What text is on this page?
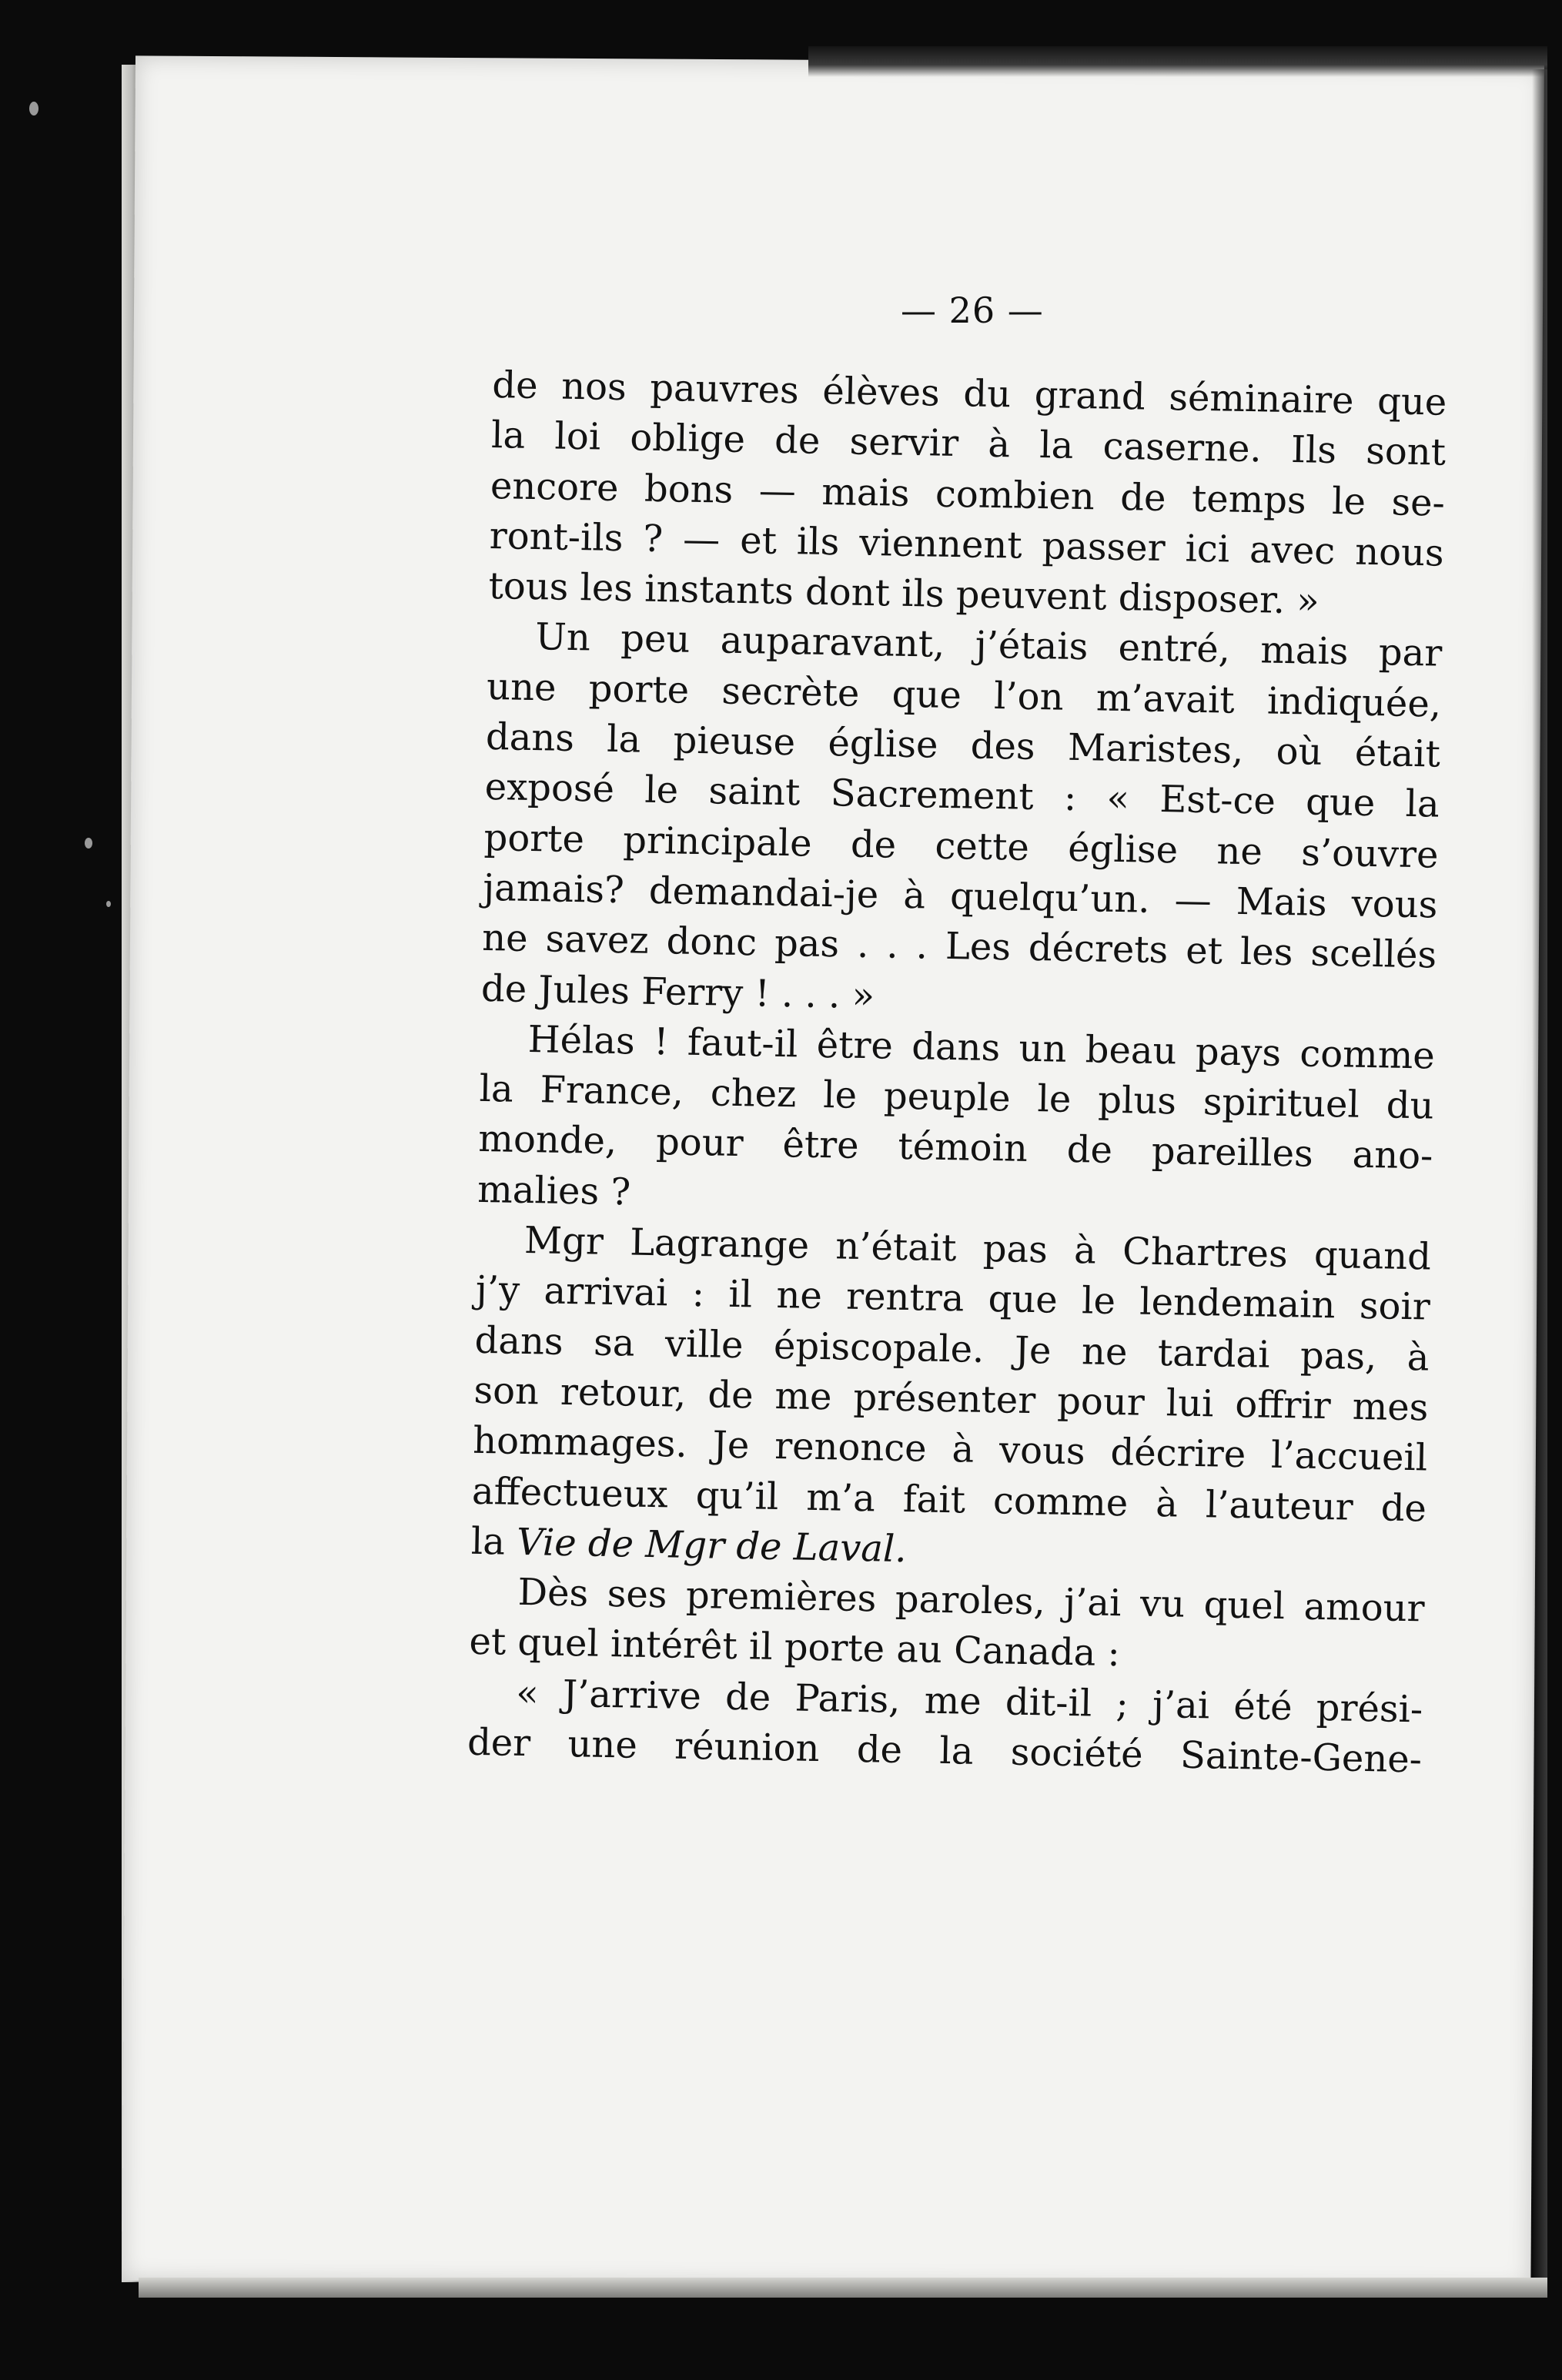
— 26 —
de nos pauvres élèves du grand séminaire que
la loi oblige de servir à la caserne. Ils sont
encore bons — mais combien de temps le se-
ront-ils ? — et ils viennent passer ici avec nous
tous les instants dont ils peuvent disposer. »
Un peu auparavant, j’étais entré, mais par
une porte secrète que l’on m’avait indiquée,
dans la pieuse église des Maristes, où était
exposé le saint Sacrement : « Est-ce que la
porte principale de cette église ne s’ouvre
jamais? demandai-je à quelqu’un. — Mais vous
ne savez donc pas . . . Les décrets et les scellés
de Jules Ferry ! . . . »
Hélas ! faut-il être dans un beau pays comme
la France, chez le peuple le plus spirituel du
monde, pour être témoin de pareilles ano-
malies ?
Mgr Lagrange n’était pas à Chartres quand
j’y arrivai : il ne rentra que le lendemain soir
dans sa ville épiscopale. Je ne tardai pas, à
son retour, de me présenter pour lui offrir mes
hommages. Je renonce à vous décrire l’accueil
affectueux qu’il m’a fait comme à l’auteur de
la Vie de Mgr de Laval.
Dès ses premières paroles, j’ai vu quel amour
et quel intérêt il porte au Canada :
« J’arrive de Paris, me dit-il ; j’ai été prési-
der une réunion de la société Sainte-Gene-
